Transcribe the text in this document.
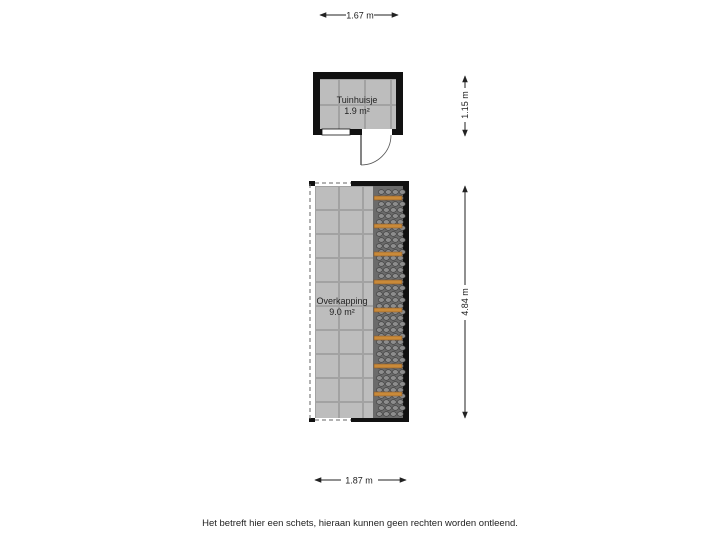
1.67 m
Tuinhuisje
1.9 m²	1.15 m
Overkapping
9.0 m²	4.84 m
1.87 m
Het betreft hier een schets, hieraan kunnen geen rechten worden ontleend.
